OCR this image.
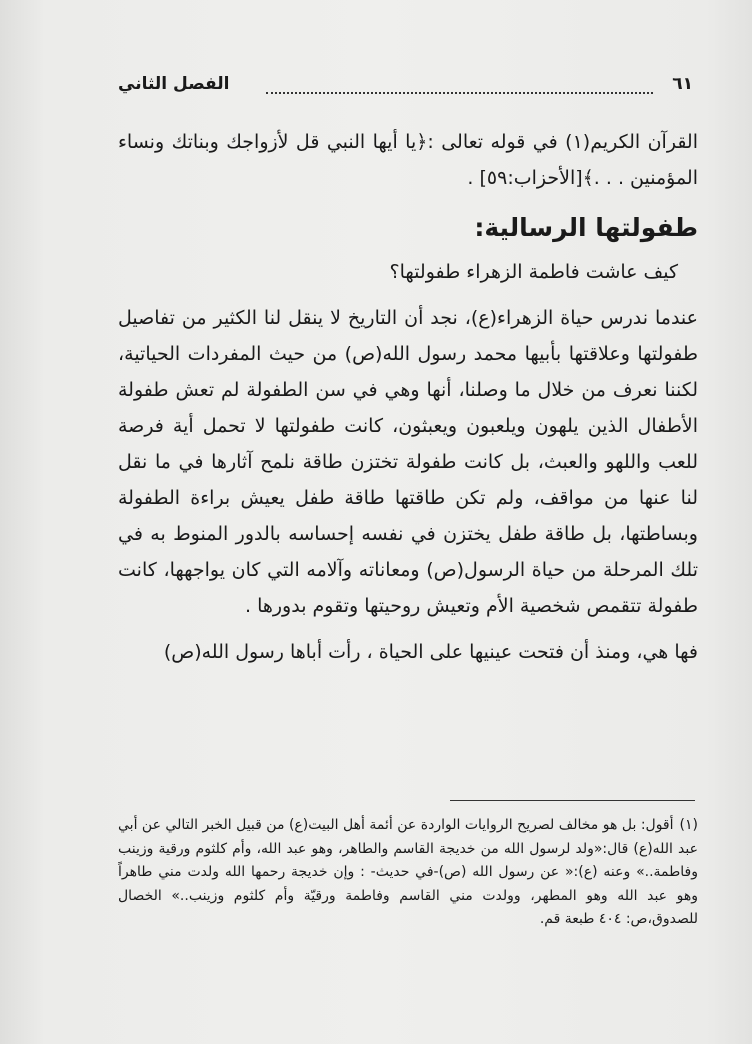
٦١
الفصل الثاني

القرآن الكريم(١) في قوله تعالى :﴿يا أيها النبي قل لأزواجك وبناتك ونساء المؤمنين . . .﴾[الأحزاب:٥٩] .

طفولتها الرسالية:

كيف عاشت فاطمة الزهراء طفولتها؟

عندما ندرس حياة الزهراء(ع)، نجد أن التاريخ لا ينقل لنا الكثير من تفاصيل طفولتها وعلاقتها بأبيها محمد رسول الله(ص) من حيث المفردات الحياتية، لكننا نعرف من خلال ما وصلنا، أنها وهي في سن الطفولة لم تعش طفولة الأطفال الذين يلهون ويلعبون ويعبثون، كانت طفولتها لا تحمل أية فرصة للعب واللهو والعبث، بل كانت طفولة تختزن طاقة نلمح آثارها في ما نقل لنا عنها من مواقف، ولم تكن طاقتها طاقة طفل يعيش براءة الطفولة وبساطتها، بل طاقة طفل يختزن في نفسه إحساسه بالدور المنوط به في تلك المرحلة من حياة الرسول(ص) ومعاناته وآلامه التي كان يواجهها، كانت طفولة تتقمص شخصية الأم وتعيش روحيتها وتقوم بدورها .

فها هي، ومنذ أن فتحت عينيها على الحياة ، رأت أباها رسول الله(ص)

(١)أقول: بل هو مخالف لصريح الروايات الواردة عن أئمة أهل البيت(ع) من قبيل الخبر التالي عن أبي عبد الله(ع) قال:«ولد لرسول الله من خديجة القاسم والطاهر، وهو عبد الله، وأم كلثوم ورقية وزينب وفاطمة..» وعنه (ع):« عن رسول الله (ص)-في حديث- : وإن خديجة رحمها الله ولدت مني طاهراً وهو عبد الله وهو المطهر، وولدت مني القاسم وفاطمة ورقيّة وأم كلثوم وزينب..» الخصال للصدوق،ص: ٤٠٤ طبعة قم.
